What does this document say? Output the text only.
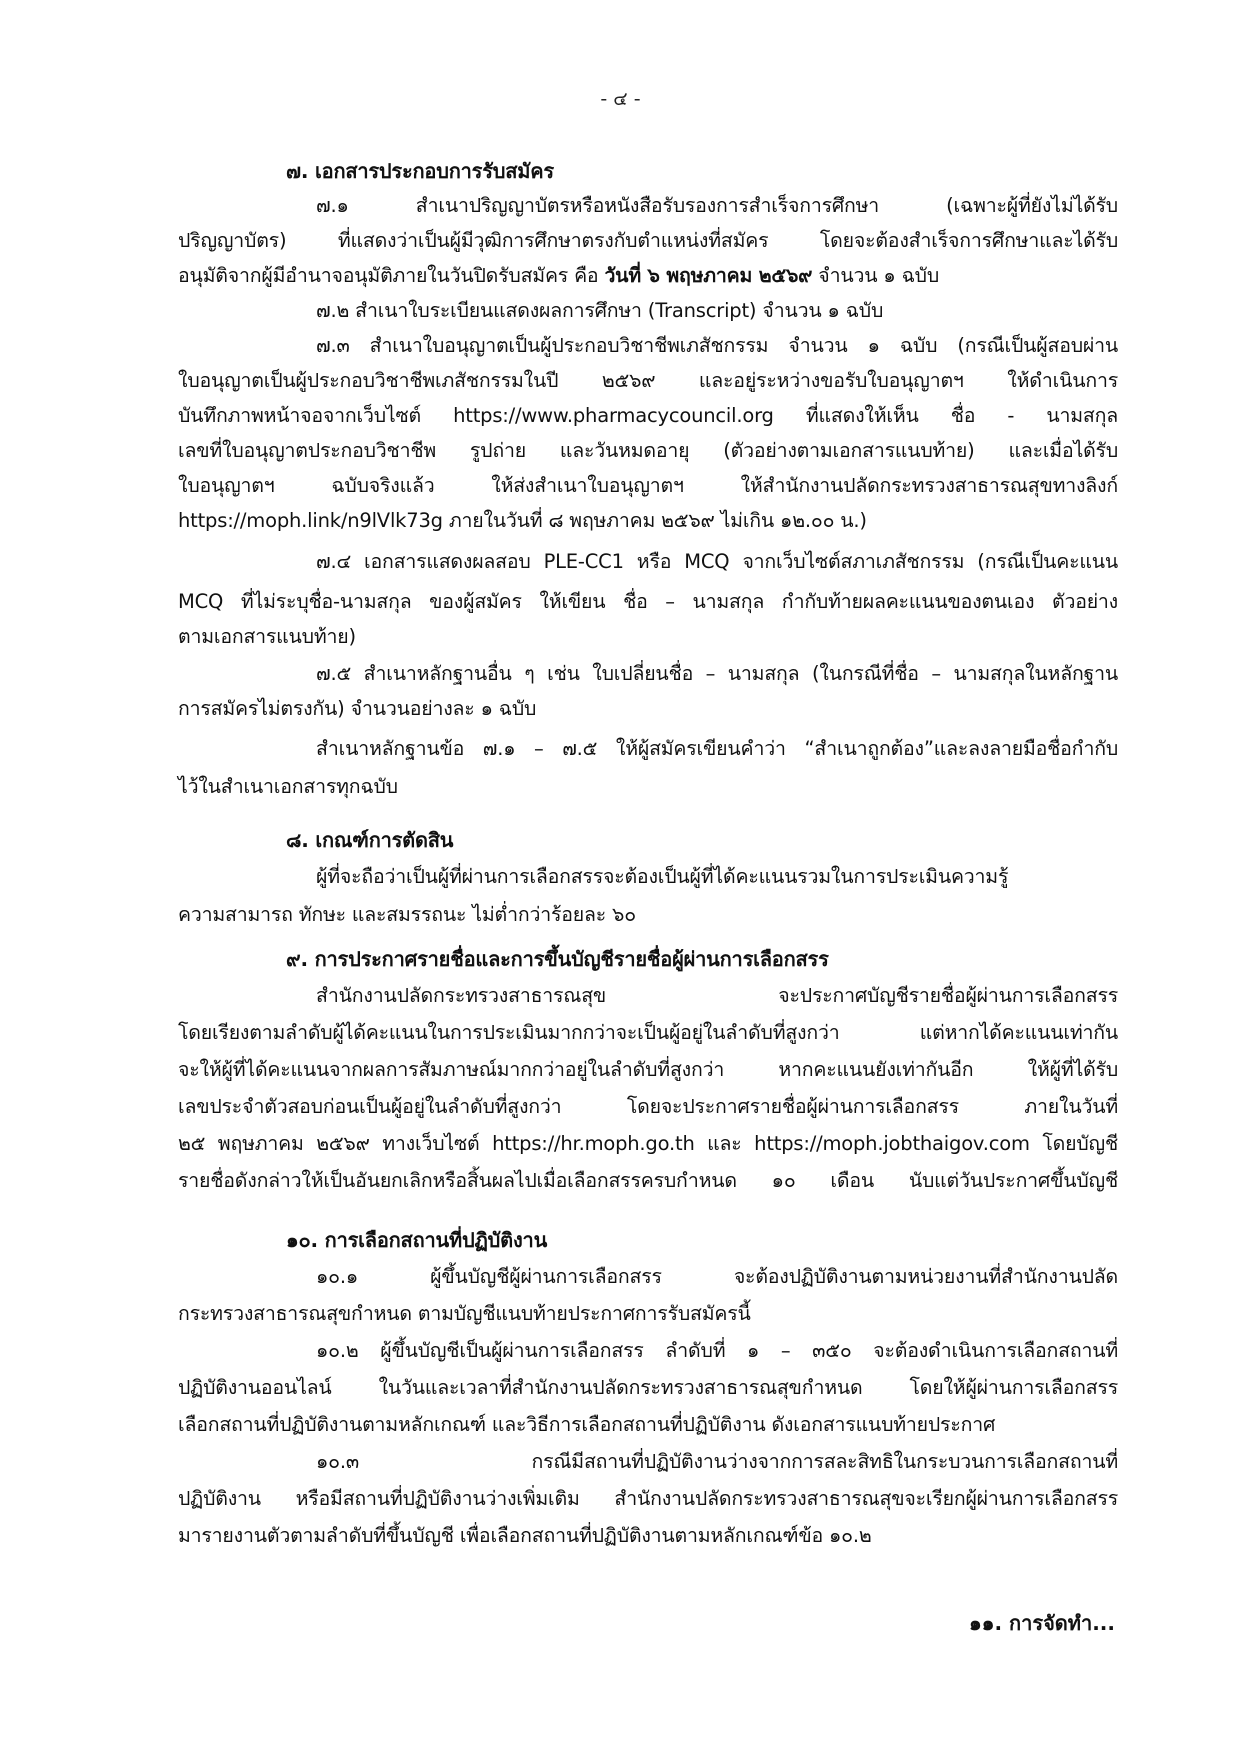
- ๔ -
๗. เอกสารประกอบการรับสมัคร
๗.๑ สำเนาปริญญาบัตรหรือหนังสือรับรองการสำเร็จการศึกษา (เฉพาะผู้ที่ยังไม่ได้รับ
ปริญญาบัตร) ที่แสดงว่าเป็นผู้มีวุฒิการศึกษาตรงกับตำแหน่งที่สมัคร โดยจะต้องสำเร็จการศึกษาและได้รับ
อนุมัติจากผู้มีอำนาจอนุมัติภายในวันปิดรับสมัคร คือ วันที่ ๖ พฤษภาคม ๒๕๖๙ จำนวน ๑ ฉบับ
๗.๒ สำเนาใบระเบียนแสดงผลการศึกษา (Transcript) จำนวน ๑ ฉบับ
๗.๓ สำเนาใบอนุญาตเป็นผู้ประกอบวิชาชีพเภสัชกรรม จำนวน ๑ ฉบับ (กรณีเป็นผู้สอบผ่าน
ใบอนุญาตเป็นผู้ประกอบวิชาชีพเภสัชกรรมในปี ๒๕๖๙ และอยู่ระหว่างขอรับใบอนุญาตฯ ให้ดำเนินการ
บันทึกภาพหน้าจอจากเว็บไซต์ https://www.pharmacycouncil.org ที่แสดงให้เห็น ชื่อ - นามสกุล
เลขที่ใบอนุญาตประกอบวิชาชีพ รูปถ่าย และวันหมดอายุ (ตัวอย่างตามเอกสารแนบท้าย) และเมื่อได้รับ
ใบอนุญาตฯ ฉบับจริงแล้ว ให้ส่งสำเนาใบอนุญาตฯ ให้สำนักงานปลัดกระทรวงสาธารณสุขทางลิงก์
https://moph.link/n9lVlk73g ภายในวันที่ ๘ พฤษภาคม ๒๕๖๙ ไม่เกิน ๑๒.๐๐ น.)
๗.๔ เอกสารแสดงผลสอบ PLE-CC1 หรือ MCQ จากเว็บไซต์สภาเภสัชกรรม (กรณีเป็นคะแนน
MCQ ที่ไม่ระบุชื่อ-นามสกุล ของผู้สมัคร ให้เขียน ชื่อ – นามสกุล กำกับท้ายผลคะแนนของตนเอง ตัวอย่าง
ตามเอกสารแนบท้าย)
๗.๕ สำเนาหลักฐานอื่น ๆ เช่น ใบเปลี่ยนชื่อ – นามสกุล (ในกรณีที่ชื่อ – นามสกุลในหลักฐาน
การสมัครไม่ตรงกัน) จำนวนอย่างละ ๑ ฉบับ
สำเนาหลักฐานข้อ ๗.๑ – ๗.๕ ให้ผู้สมัครเขียนคำว่า “สำเนาถูกต้อง”และลงลายมือชื่อกำกับ
ไว้ในสำเนาเอกสารทุกฉบับ
๘. เกณฑ์การตัดสิน
ผู้ที่จะถือว่าเป็นผู้ที่ผ่านการเลือกสรรจะต้องเป็นผู้ที่ได้คะแนนรวมในการประเมินความรู้
ความสามารถ ทักษะ และสมรรถนะ ไม่ต่ำกว่าร้อยละ ๖๐
๙. การประกาศรายชื่อและการขึ้นบัญชีรายชื่อผู้ผ่านการเลือกสรร
สำนักงานปลัดกระทรวงสาธารณสุข จะประกาศบัญชีรายชื่อผู้ผ่านการเลือกสรร
โดยเรียงตามลำดับผู้ได้คะแนนในการประเมินมากกว่าจะเป็นผู้อยู่ในลำดับที่สูงกว่า แต่หากได้คะแนนเท่ากัน
จะให้ผู้ที่ได้คะแนนจากผลการสัมภาษณ์มากกว่าอยู่ในลำดับที่สูงกว่า หากคะแนนยังเท่ากันอีก ให้ผู้ที่ได้รับ
เลขประจำตัวสอบก่อนเป็นผู้อยู่ในลำดับที่สูงกว่า โดยจะประกาศรายชื่อผู้ผ่านการเลือกสรร ภายในวันที่
๒๕ พฤษภาคม ๒๕๖๙ ทางเว็บไซต์ https://hr.moph.go.th และ https://moph.jobthaigov.com โดยบัญชี
รายชื่อดังกล่าวให้เป็นอันยกเลิกหรือสิ้นผลไปเมื่อเลือกสรรครบกำหนด ๑๐ เดือน นับแต่วันประกาศขึ้นบัญชี
๑๐. การเลือกสถานที่ปฏิบัติงาน
๑๐.๑ ผู้ขึ้นบัญชีผู้ผ่านการเลือกสรร จะต้องปฏิบัติงานตามหน่วยงานที่สำนักงานปลัด
กระทรวงสาธารณสุขกำหนด ตามบัญชีแนบท้ายประกาศการรับสมัครนี้
๑๐.๒ ผู้ขึ้นบัญชีเป็นผู้ผ่านการเลือกสรร ลำดับที่ ๑ – ๓๕๐ จะต้องดำเนินการเลือกสถานที่
ปฏิบัติงานออนไลน์ ในวันและเวลาที่สำนักงานปลัดกระทรวงสาธารณสุขกำหนด โดยให้ผู้ผ่านการเลือกสรร
เลือกสถานที่ปฏิบัติงานตามหลักเกณฑ์ และวิธีการเลือกสถานที่ปฏิบัติงาน ดังเอกสารแนบท้ายประกาศ
๑๐.๓ กรณีมีสถานที่ปฏิบัติงานว่างจากการสละสิทธิในกระบวนการเลือกสถานที่
ปฏิบัติงาน หรือมีสถานที่ปฏิบัติงานว่างเพิ่มเติม สำนักงานปลัดกระทรวงสาธารณสุขจะเรียกผู้ผ่านการเลือกสรร
มารายงานตัวตามลำดับที่ขึ้นบัญชี เพื่อเลือกสถานที่ปฏิบัติงานตามหลักเกณฑ์ข้อ ๑๐.๒
๑๑. การจัดทำ...
